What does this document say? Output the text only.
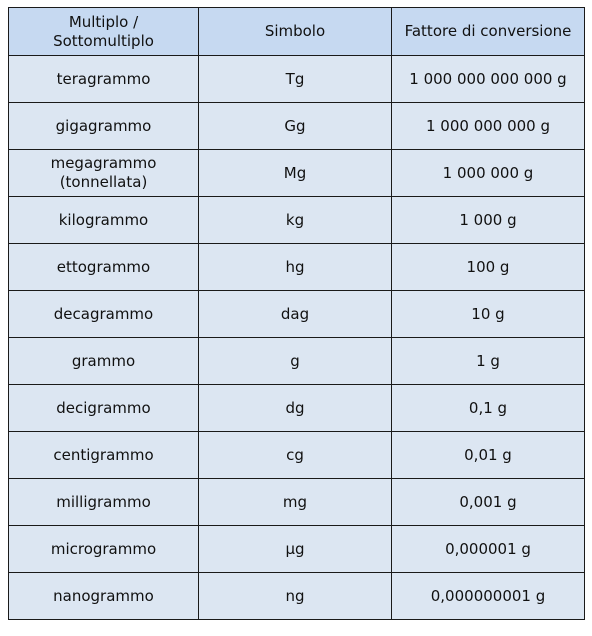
Multiplo /
Sottomultiplo	Simbolo	Fattore di conversione

teragrammo	Tg	1 000 000 000 000 g

gigagrammo	Gg	1 000 000 000 g

megagrammo
(tonnellata)	Mg	1 000 000 g

kilogrammo	kg	1 000 g

ettogrammo	hg	100 g

decagrammo	dag	10 g

grammo	g	1 g

decigrammo	dg	0,1 g

centigrammo	cg	0,01 g

milligrammo	mg	0,001 g

microgrammo	µg	0,000001 g

nanogrammo	ng	0,000000001 g
